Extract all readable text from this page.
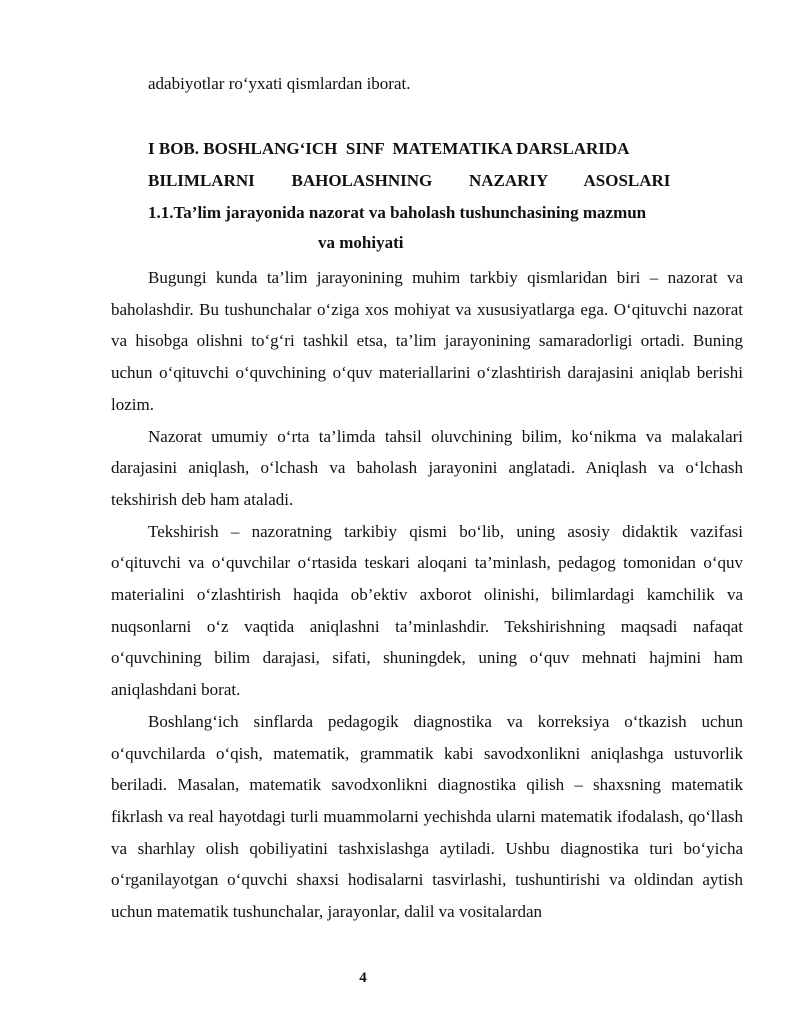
adabiyotlar ro‘yxati qismlardan iborat.
I BOB. BOSHLANG‘ICH  SINF  MATEMATIKA DARSLARIDA
BILIMLARNI   BAHOLASHNING   NAZARIY   ASOSLARI
1.1.Ta’lim jarayonida nazorat va baholash tushunchasining mazmun
va mohiyati

Bugungi kunda ta’lim jarayonining muhim tarkbiy qismlaridan biri – nazorat va baholashdir. Bu tushunchalar o‘ziga xos mohiyat va xususiyatlarga ega. O‘qituvchi nazorat va hisobga olishni to‘g‘ri tashkil etsa, ta’lim jarayonining samaradorligi ortadi. Buning uchun o‘qituvchi o‘quvchining o‘quv materiallarini o‘zlashtirish darajasini aniqlab berishi lozim.

Nazorat umumiy o‘rta ta’limda tahsil oluvchining bilim, ko‘nikma va malakalari darajasini aniqlash, o‘lchash va baholash jarayonini anglatadi. Aniqlash va o‘lchash tekshirish deb ham ataladi.

Tekshirish – nazoratning tarkibiy qismi bo‘lib, uning asosiy didaktik vazifasi o‘qituvchi va o‘quvchilar o‘rtasida teskari aloqani ta’minlash, pedagog tomonidan o‘quv materialini o‘zlashtirish haqida ob’ektiv axborot olinishi, bilimlardagi kamchilik va nuqsonlarni o‘z vaqtida aniqlashni ta’minlashdir. Tekshirishning maqsadi nafaqat o‘quvchining bilim darajasi, sifati, shuningdek, uning o‘quv mehnati hajmini ham aniqlashdani borat.

Boshlang‘ich sinflarda pedagogik diagnostika va korreksiya o‘tkazish uchun o‘quvchilarda o‘qish, matematik, grammatik kabi savodxonlikni aniqlashga ustuvorlik beriladi. Masalan, matematik savodxonlikni diagnostika qilish – shaxsning matematik fikrlash va real hayotdagi turli muammolarni yechishda ularni matematik ifodalash, qo‘llash va sharhlay olish qobiliyatini tashxislashga aytiladi. Ushbu diagnostika turi bo‘yicha o‘rganilayotgan o‘quvchi shaxsi hodisalarni tasvirlashi, tushuntirishi va oldindan aytish uchun matematik tushunchalar, jarayonlar, dalil va vositalardan

4
